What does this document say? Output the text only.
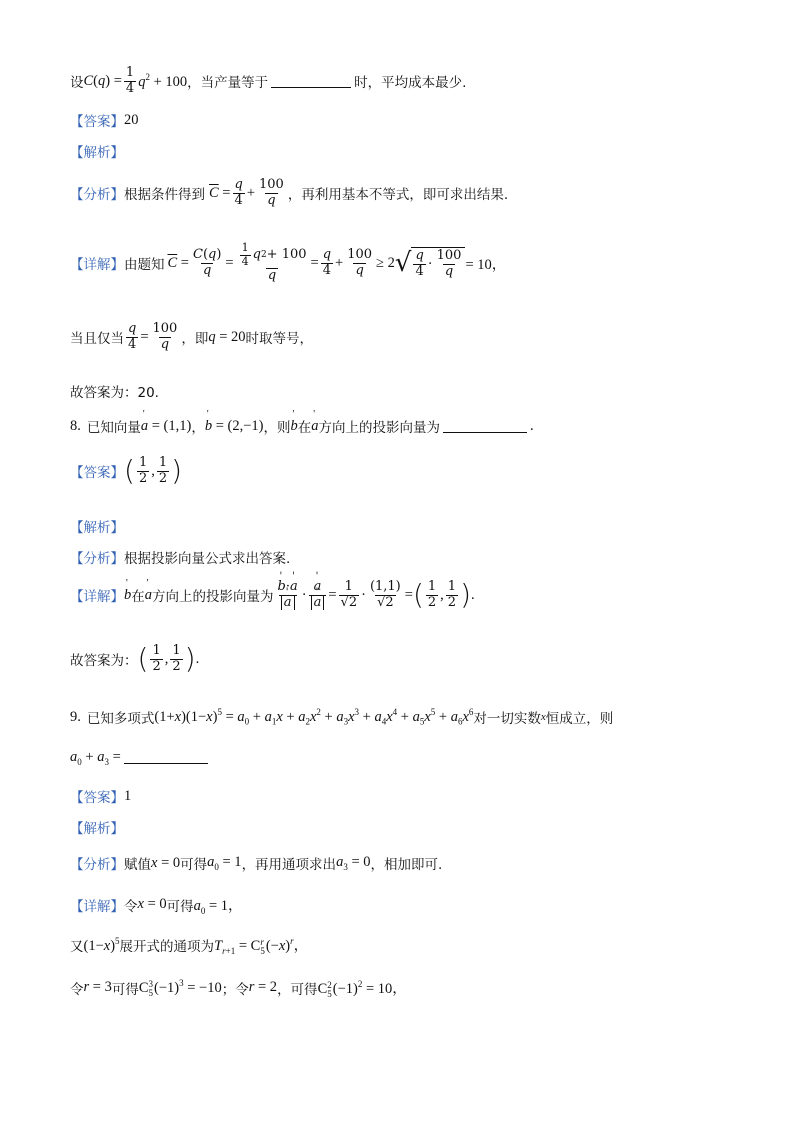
设 $C(q) = \frac{1}{4} q^2 + 100$ ，当产量等于	时，平均成本最少.
【答案】 20
【解析】
【分析】 根据条件得到 $\overline{C} = \frac{q}{4} + \frac{100}{q}$ ，再利用基本不等式，即可求出结果.
【详解】 由题知 $\overline{C} = \frac{C(q)}{q} = \frac{\frac{1}{4} q 2 + 100}{q} = \frac{q}{4} + \frac{100}{q} \ge 2$ √ $\frac{q}{4} \cdot \frac{100}{q} = 10$，
当且仅当 $\frac{q}{4} = \frac{100}{q}$ ，即 q = 20 时取等号，
故答案为：20.
8. 已知向量 ' a = (1,1) ， ' b = (2,−1) ，则 ' b 在 ' a 方向上的投影向量为	.
【答案】 ( $\frac{1}{2}$ , $\frac{1}{2}$ )
【解析】
【分析】 根据投影向量公式求出答案.
【详解】 ' b 在 ' a 方向上的投影向量为 ' b·' a
' a · ' a
' $a = \frac{1}{√2} \cdot \frac{(1,1)}{√2}$ = ( $\frac{1}{2}$ , $\frac{1}{2}$ ) .
故答案为： ( $\frac{1}{2}$ , $\frac{1}{2}$ ) .
9. 已知多项式 $(1+x)(1-x)^5 = a_0 + a_1x + a_2x^2 + a_3x^3 + a_4x^4 + a_5x^5 + a_6x^6$ 对一切实数 x 恒成立，则
$a_0 + a_3$ =
【答案】 1
【解析】
【分析】 赋值 x = 0 可得 $a_0 = 1$ ，再用通项求出 $a_3 = 0$ ，相加即可.
【详解】 令 x = 0 可得 $a_0 = 1$，
又 $(1-x)^5$ 展开式的通项为 $T_{r+1} = C$ r
5 $(-x)^r$，
令 r = 3 可得 C 3
5 $(-1)^3 = -10$ ；令 r = 2 ，可得 C 2
5 $(-1)^2 = 10$，
